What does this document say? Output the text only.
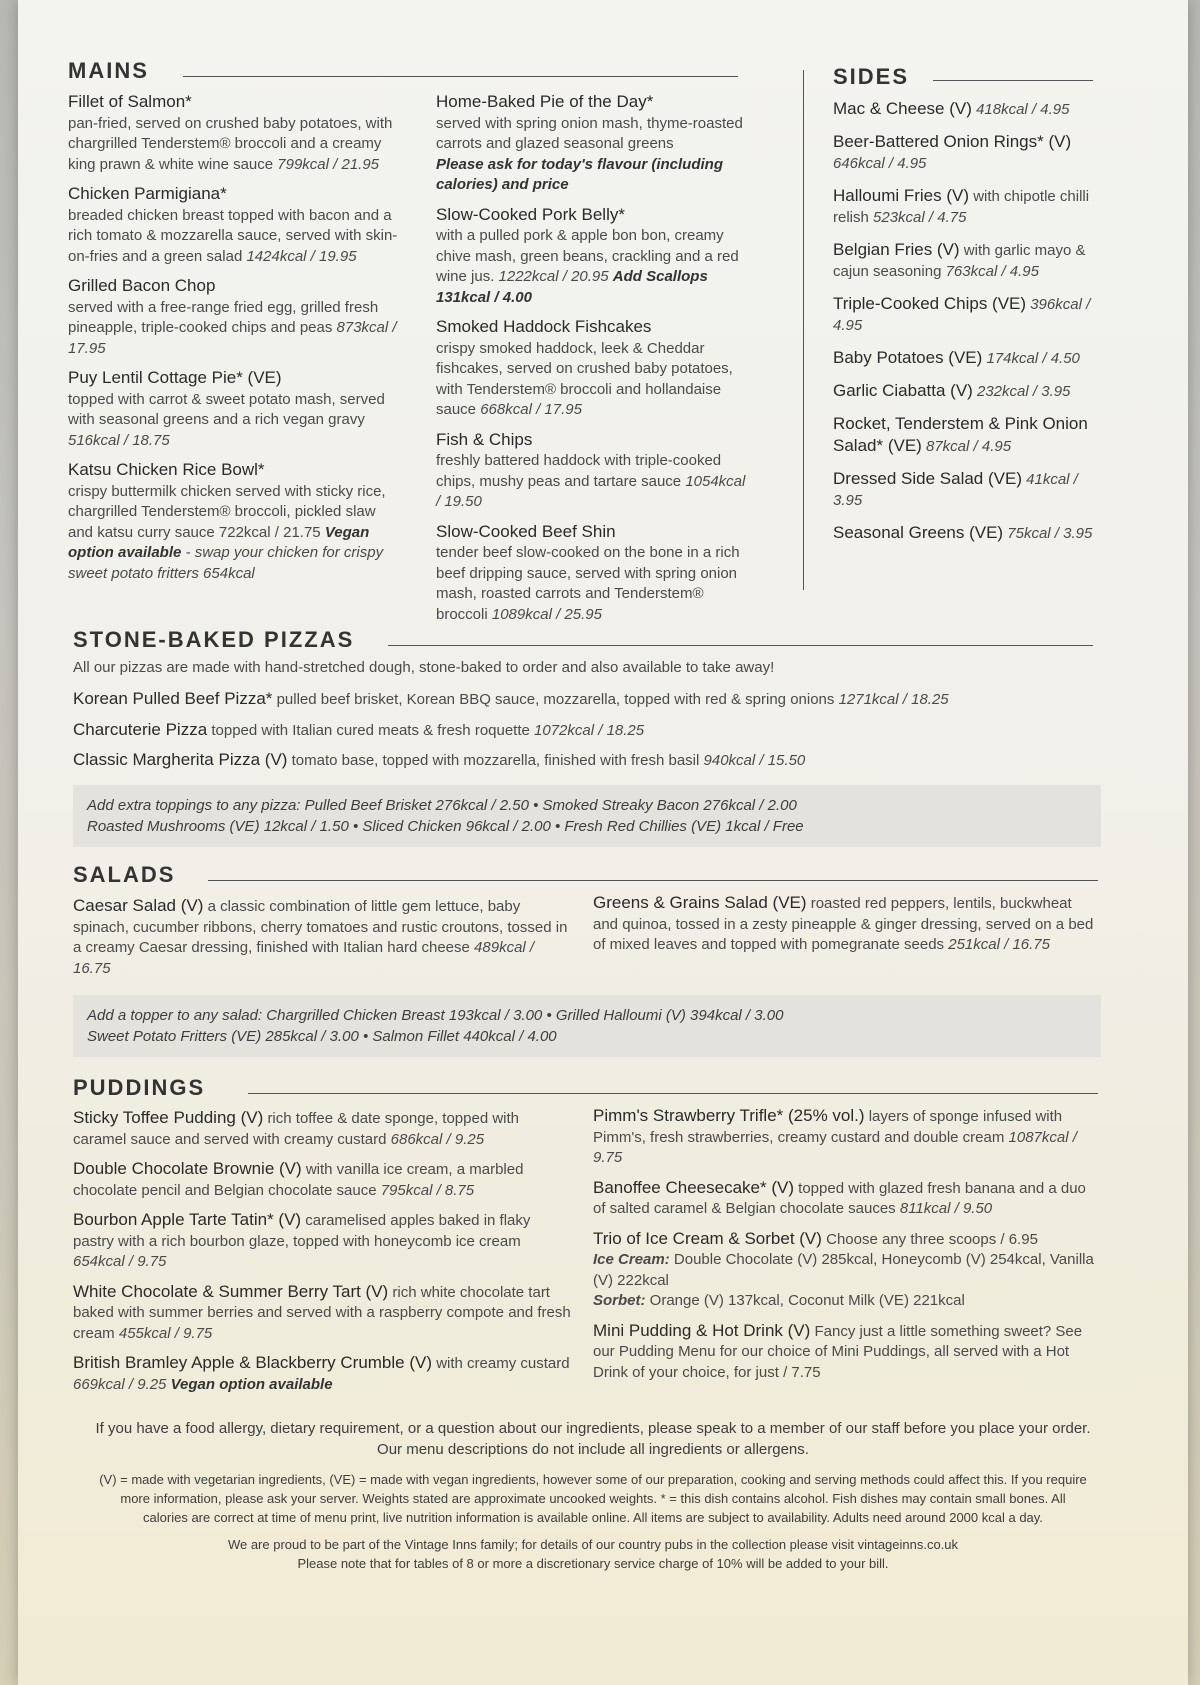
MAINS
Fillet of Salmon*
pan-fried, served on crushed baby potatoes, with chargrilled Tenderstem® broccoli and a creamy king prawn & white wine sauce 799kcal / 21.95
Chicken Parmigiana*
breaded chicken breast topped with bacon and a rich tomato & mozzarella sauce, served with skin-on-fries and a green salad 1424kcal / 19.95
Grilled Bacon Chop
served with a free-range fried egg, grilled fresh pineapple, triple-cooked chips and peas 873kcal / 17.95
Puy Lentil Cottage Pie* (VE)
topped with carrot & sweet potato mash, served with seasonal greens and a rich vegan gravy 516kcal / 18.75
Katsu Chicken Rice Bowl*
crispy buttermilk chicken served with sticky rice, chargrilled Tenderstem® broccoli, pickled slaw and katsu curry sauce 722kcal / 21.75 Vegan option available - swap your chicken for crispy sweet potato fritters 654kcal
Home-Baked Pie of the Day*
served with spring onion mash, thyme-roasted carrots and glazed seasonal greens
Please ask for today's flavour (including calories) and price
Slow-Cooked Pork Belly*
with a pulled pork & apple bon bon, creamy chive mash, green beans, crackling and a red wine jus. 1222kcal / 20.95 Add Scallops 131kcal / 4.00
Smoked Haddock Fishcakes
crispy smoked haddock, leek & Cheddar fishcakes, served on crushed baby potatoes, with Tenderstem® broccoli and hollandaise sauce 668kcal / 17.95
Fish & Chips
freshly battered haddock with triple-cooked chips, mushy peas and tartare sauce 1054kcal / 19.50
Slow-Cooked Beef Shin
tender beef slow-cooked on the bone in a rich beef dripping sauce, served with spring onion mash, roasted carrots and Tenderstem® broccoli 1089kcal / 25.95
SIDES
Mac & Cheese (V) 418kcal / 4.95
Beer-Battered Onion Rings* (V) 646kcal / 4.95
Halloumi Fries (V) with chipotle chilli relish 523kcal / 4.75
Belgian Fries (V) with garlic mayo & cajun seasoning 763kcal / 4.95
Triple-Cooked Chips (VE) 396kcal / 4.95
Baby Potatoes (VE) 174kcal / 4.50
Garlic Ciabatta (V) 232kcal / 3.95
Rocket, Tenderstem & Pink Onion Salad* (VE) 87kcal / 4.95
Dressed Side Salad (VE) 41kcal / 3.95
Seasonal Greens (VE) 75kcal / 3.95
STONE-BAKED PIZZAS
All our pizzas are made with hand-stretched dough, stone-baked to order and also available to take away!
Korean Pulled Beef Pizza* pulled beef brisket, Korean BBQ sauce, mozzarella, topped with red & spring onions 1271kcal / 18.25
Charcuterie Pizza topped with Italian cured meats & fresh roquette 1072kcal / 18.25
Classic Margherita Pizza (V) tomato base, topped with mozzarella, finished with fresh basil 940kcal / 15.50
Add extra toppings to any pizza: Pulled Beef Brisket 276kcal / 2.50 • Smoked Streaky Bacon 276kcal / 2.00
Roasted Mushrooms (VE) 12kcal / 1.50 • Sliced Chicken 96kcal / 2.00 • Fresh Red Chillies (VE) 1kcal / Free
SALADS
Caesar Salad (V) a classic combination of little gem lettuce, baby spinach, cucumber ribbons, cherry tomatoes and rustic croutons, tossed in a creamy Caesar dressing, finished with Italian hard cheese 489kcal / 16.75
Greens & Grains Salad (VE) roasted red peppers, lentils, buckwheat and quinoa, tossed in a zesty pineapple & ginger dressing, served on a bed of mixed leaves and topped with pomegranate seeds 251kcal / 16.75
Add a topper to any salad: Chargrilled Chicken Breast 193kcal / 3.00 • Grilled Halloumi (V) 394kcal / 3.00
Sweet Potato Fritters (VE) 285kcal / 3.00 • Salmon Fillet 440kcal / 4.00
PUDDINGS
Sticky Toffee Pudding (V) rich toffee & date sponge, topped with caramel sauce and served with creamy custard 686kcal / 9.25
Double Chocolate Brownie (V) with vanilla ice cream, a marbled chocolate pencil and Belgian chocolate sauce 795kcal / 8.75
Bourbon Apple Tarte Tatin* (V) caramelised apples baked in flaky pastry with a rich bourbon glaze, topped with honeycomb ice cream 654kcal / 9.75
White Chocolate & Summer Berry Tart (V) rich white chocolate tart baked with summer berries and served with a raspberry compote and fresh cream 455kcal / 9.75
British Bramley Apple & Blackberry Crumble (V) with creamy custard 669kcal / 9.25 Vegan option available
Pimm's Strawberry Trifle* (25% vol.) layers of sponge infused with Pimm's, fresh strawberries, creamy custard and double cream 1087kcal / 9.75
Banoffee Cheesecake* (V) topped with glazed fresh banana and a duo of salted caramel & Belgian chocolate sauces 811kcal / 9.50
Trio of Ice Cream & Sorbet (V) Choose any three scoops / 6.95
Ice Cream: Double Chocolate (V) 285kcal, Honeycomb (V) 254kcal, Vanilla (V) 222kcal
Sorbet: Orange (V) 137kcal, Coconut Milk (VE) 221kcal
Mini Pudding & Hot Drink (V) Fancy just a little something sweet? See our Pudding Menu for our choice of Mini Puddings, all served with a Hot Drink of your choice, for just / 7.75

If you have a food allergy, dietary requirement, or a question about our ingredients, please speak to a member of our staff before you place your order. Our menu descriptions do not include all ingredients or allergens.

(V) = made with vegetarian ingredients, (VE) = made with vegan ingredients, however some of our preparation, cooking and serving methods could affect this. If you require more information, please ask your server. Weights stated are approximate uncooked weights. * = this dish contains alcohol. Fish dishes may contain small bones. All calories are correct at time of menu print, live nutrition information is available online. All items are subject to availability. Adults need around 2000 kcal a day.

We are proud to be part of the Vintage Inns family; for details of our country pubs in the collection please visit vintageinns.co.uk

Please note that for tables of 8 or more a discretionary service charge of 10% will be added to your bill.
